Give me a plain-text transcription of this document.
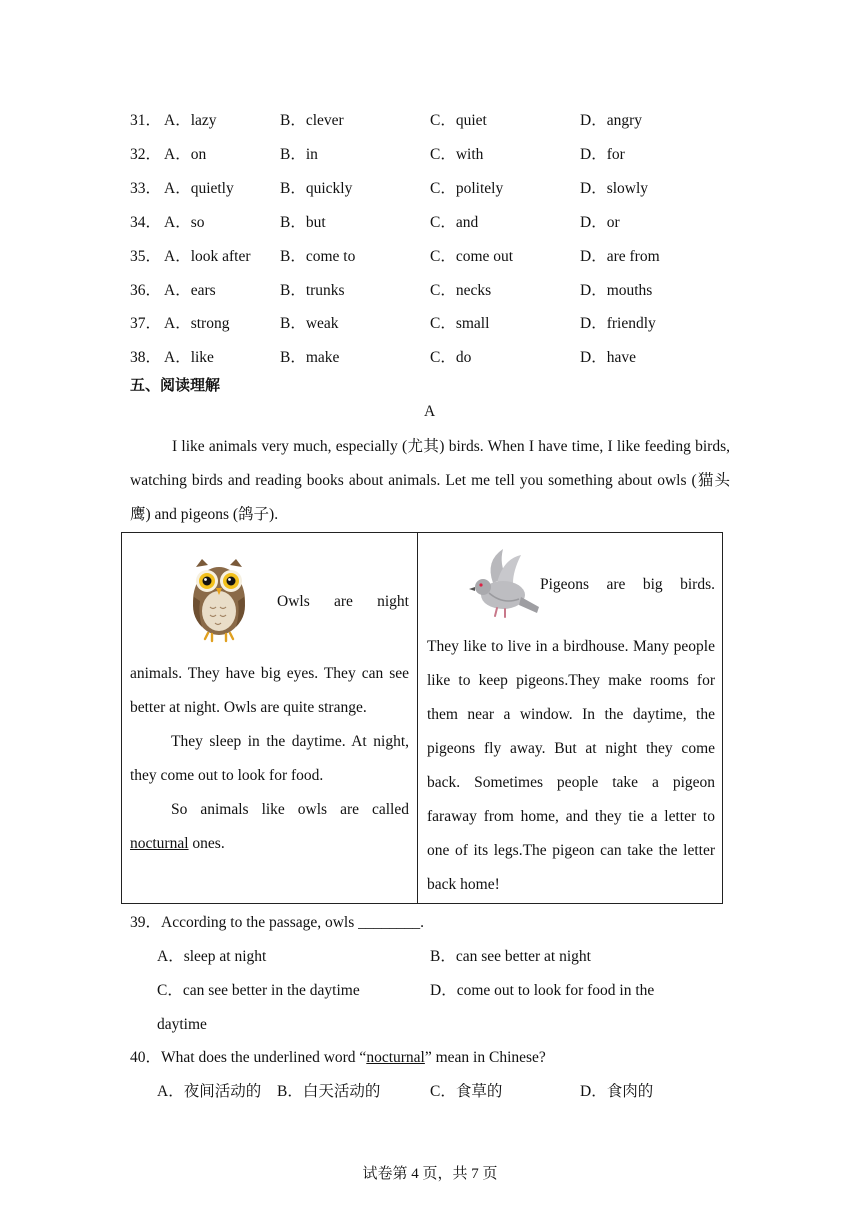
31． A．lazy	B．clever	C．quiet	D．angry
32． A．on	B．in	C．with	D．for
33． A．quietly	B．quickly	C．politely	D．slowly
34． A．so	B．but	C．and	D．or
35． A．look after B．come to	C．come out	D．are from
36． A．ears	B．trunks	C．necks	D．mouths
37． A．strong	B．weak	C．small	D．friendly
38． A．like	B．make	C．do	D．have
五、阅读理解
A

I like animals very much, especially (尤其) birds. When I have time, I like feeding birds, watching birds and reading books about animals. Let me tell you something about owls (猫头鹰) and pigeons (鸽子).

Owls are night
animals. They have big eyes. They can see better at night. Owls are quite strange.
They sleep in the daytime. At night, they come out to look for food.
So animals like owls are called nocturnal ones.
Pigeons are big birds.
They like to live in a birdhouse. Many people like to keep pigeons.They make rooms for them near a window. In the daytime, the pigeons fly away. But at night they come back. Sometimes people take a pigeon faraway from home, and they tie a letter to one of its legs.The pigeon can take the letter back home!
39．According to the passage, owls ________.
A．sleep at night	B．can see better at night
C．can see better in the daytime	D．come out to look for food in the
daytime
40．What does the underlined word “nocturnal” mean in Chinese?
A．夜间活动的 B．白天活动的	C．食草的	D．食肉的
试卷第 4 页，共 7 页
